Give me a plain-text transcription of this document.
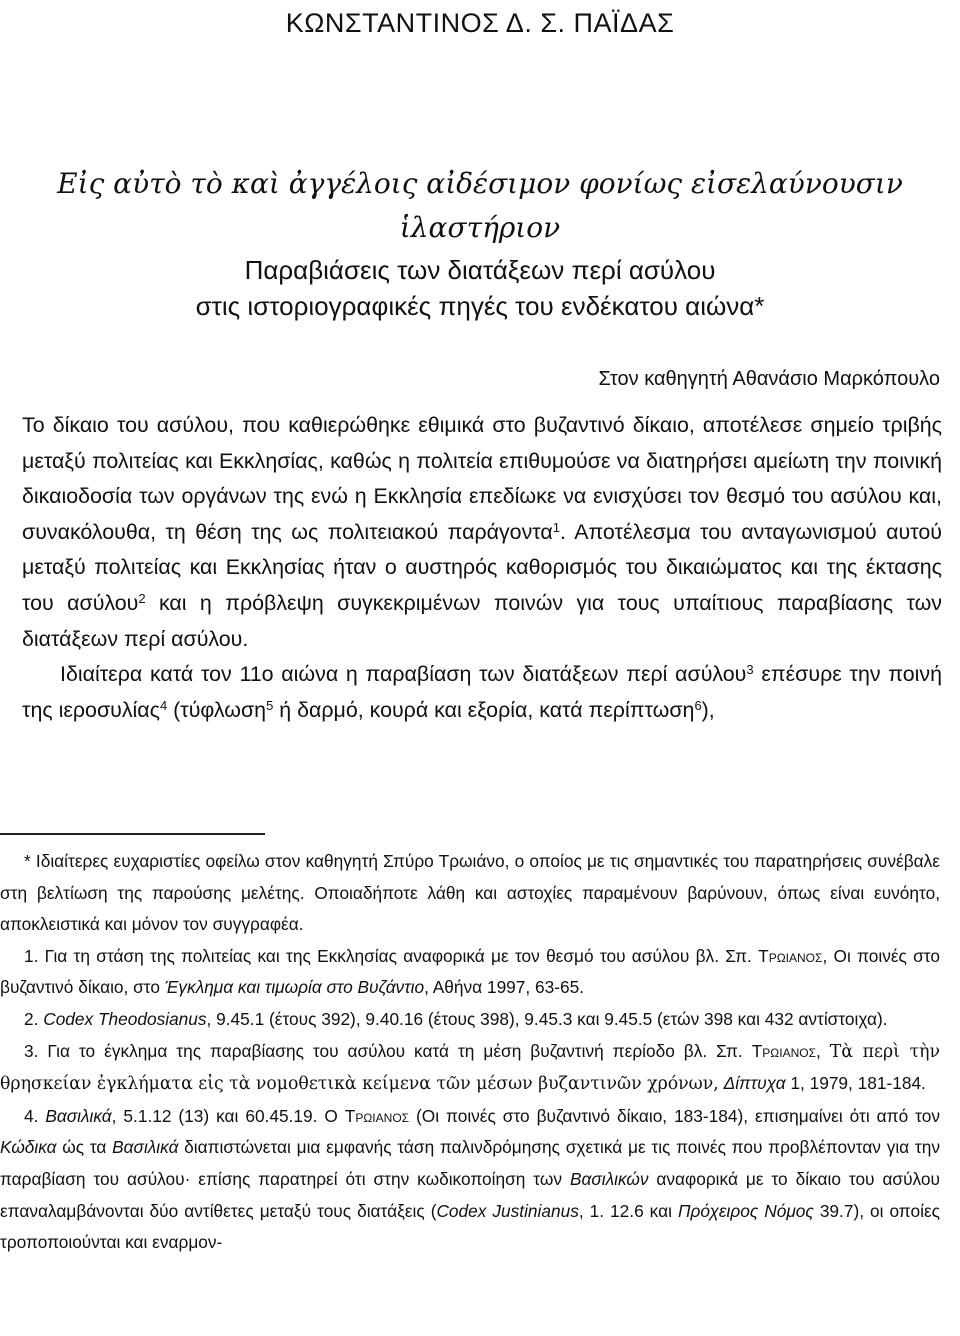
ΚΩΝΣΤΑΝΤΙΝΟΣ Δ. Σ. ΠΑΪΔΑΣ
Εἰς αὐτὸ τὸ καὶ ἀγγέλοις αἰδέσιμον φονίως εἰσελαύνουσιν ἱλαστήριον
Παραβιάσεις των διατάξεων περί ασύλου
στις ιστοριογραφικές πηγές του ενδέκατου αιώνα*
Στον καθηγητή Αθανάσιο Μαρκόπουλο

Το δίκαιο του ασύλου, που καθιερώθηκε εθιμικά στο βυζαντινό δίκαιο, αποτέλεσε σημείο τριβής μεταξύ πολιτείας και Εκκλησίας, καθώς η πολιτεία επιθυμούσε να διατηρήσει αμείωτη την ποινική δικαιοδοσία των οργάνων της ενώ η Εκκλησία επεδίωκε να ενισχύσει τον θεσμό του ασύλου και, συνακόλουθα, τη θέση της ως πολιτειακού παράγοντα$^1$. Αποτέλεσμα του ανταγωνισμού αυτού μεταξύ πολιτείας και Εκκλησίας ήταν ο αυστηρός καθορισμός του δικαιώματος και της έκτασης του ασύλου$^2$ και η πρόβλεψη συγκεκριμένων ποινών για τους υπαίτιους παραβίασης των διατάξεων περί ασύλου.

Ιδιαίτερα κατά τον 11ο αιώνα η παραβίαση των διατάξεων περί ασύλου$^3$ επέσυρε την ποινή της ιεροσυλίας$^4$ (τύφλωση$^5$ ή δαρμό, κουρά και εξορία, κατά περίπτωση$^6$),

* Ιδιαίτερες ευχαριστίες οφείλω στον καθηγητή Σπύρο Τρωιάνο, ο οποίος με τις σημαντικές του παρατηρήσεις συνέβαλε στη βελτίωση της παρούσης μελέτης. Οποιαδήποτε λάθη και αστοχίες παραμένουν βαρύνουν, όπως είναι ευνόητο, αποκλειστικά και μόνον τον συγγραφέα.

1. Για τη στάση της πολιτείας και της Εκκλησίας αναφορικά με τον θεσμό του ασύλου βλ. Σπ. Τρωιανος, Οι ποινές στο βυζαντινό δίκαιο, στο Έγκλημα και τιμωρία στο Βυζάντιο, Αθήνα 1997, 63-65.

2. Codex Theodosianus, 9.45.1 (έτους 392), 9.40.16 (έτους 398), 9.45.3 και 9.45.5 (ετών 398 και 432 αντίστοιχα).

3. Για το έγκλημα της παραβίασης του ασύλου κατά τη μέση βυζαντινή περίοδο βλ. Σπ. Τρωιανος, Τὰ περὶ τὴν θρησκείαν ἐγκλήματα εἰς τὰ νομοθετικὰ κείμενα τῶν μέσων βυζαντινῶν χρόνων, Δίπτυχα 1, 1979, 181-184.

4. Βασιλικά, 5.1.12 (13) και 60.45.19. Ο Τρωιανος (Οι ποινές στο βυζαντινό δίκαιο, 183-184), επισημαίνει ότι από τον Κώδικα ώς τα Βασιλικά διαπιστώνεται μια εμφανής τάση παλινδρόμησης σχετικά με τις ποινές που προβλέπονταν για την παραβίαση του ασύλου· επίσης παρατηρεί ότι στην κωδικοποίηση των Βασιλικών αναφορικά με το δίκαιο του ασύλου επαναλαμβάνονται δύο αντίθετες μεταξύ τους διατάξεις (Codex Justinianus, 1. 12.6 και Πρόχειρος Νόμος 39.7), οι οποίες τροποποιούνται και εναρμον-
